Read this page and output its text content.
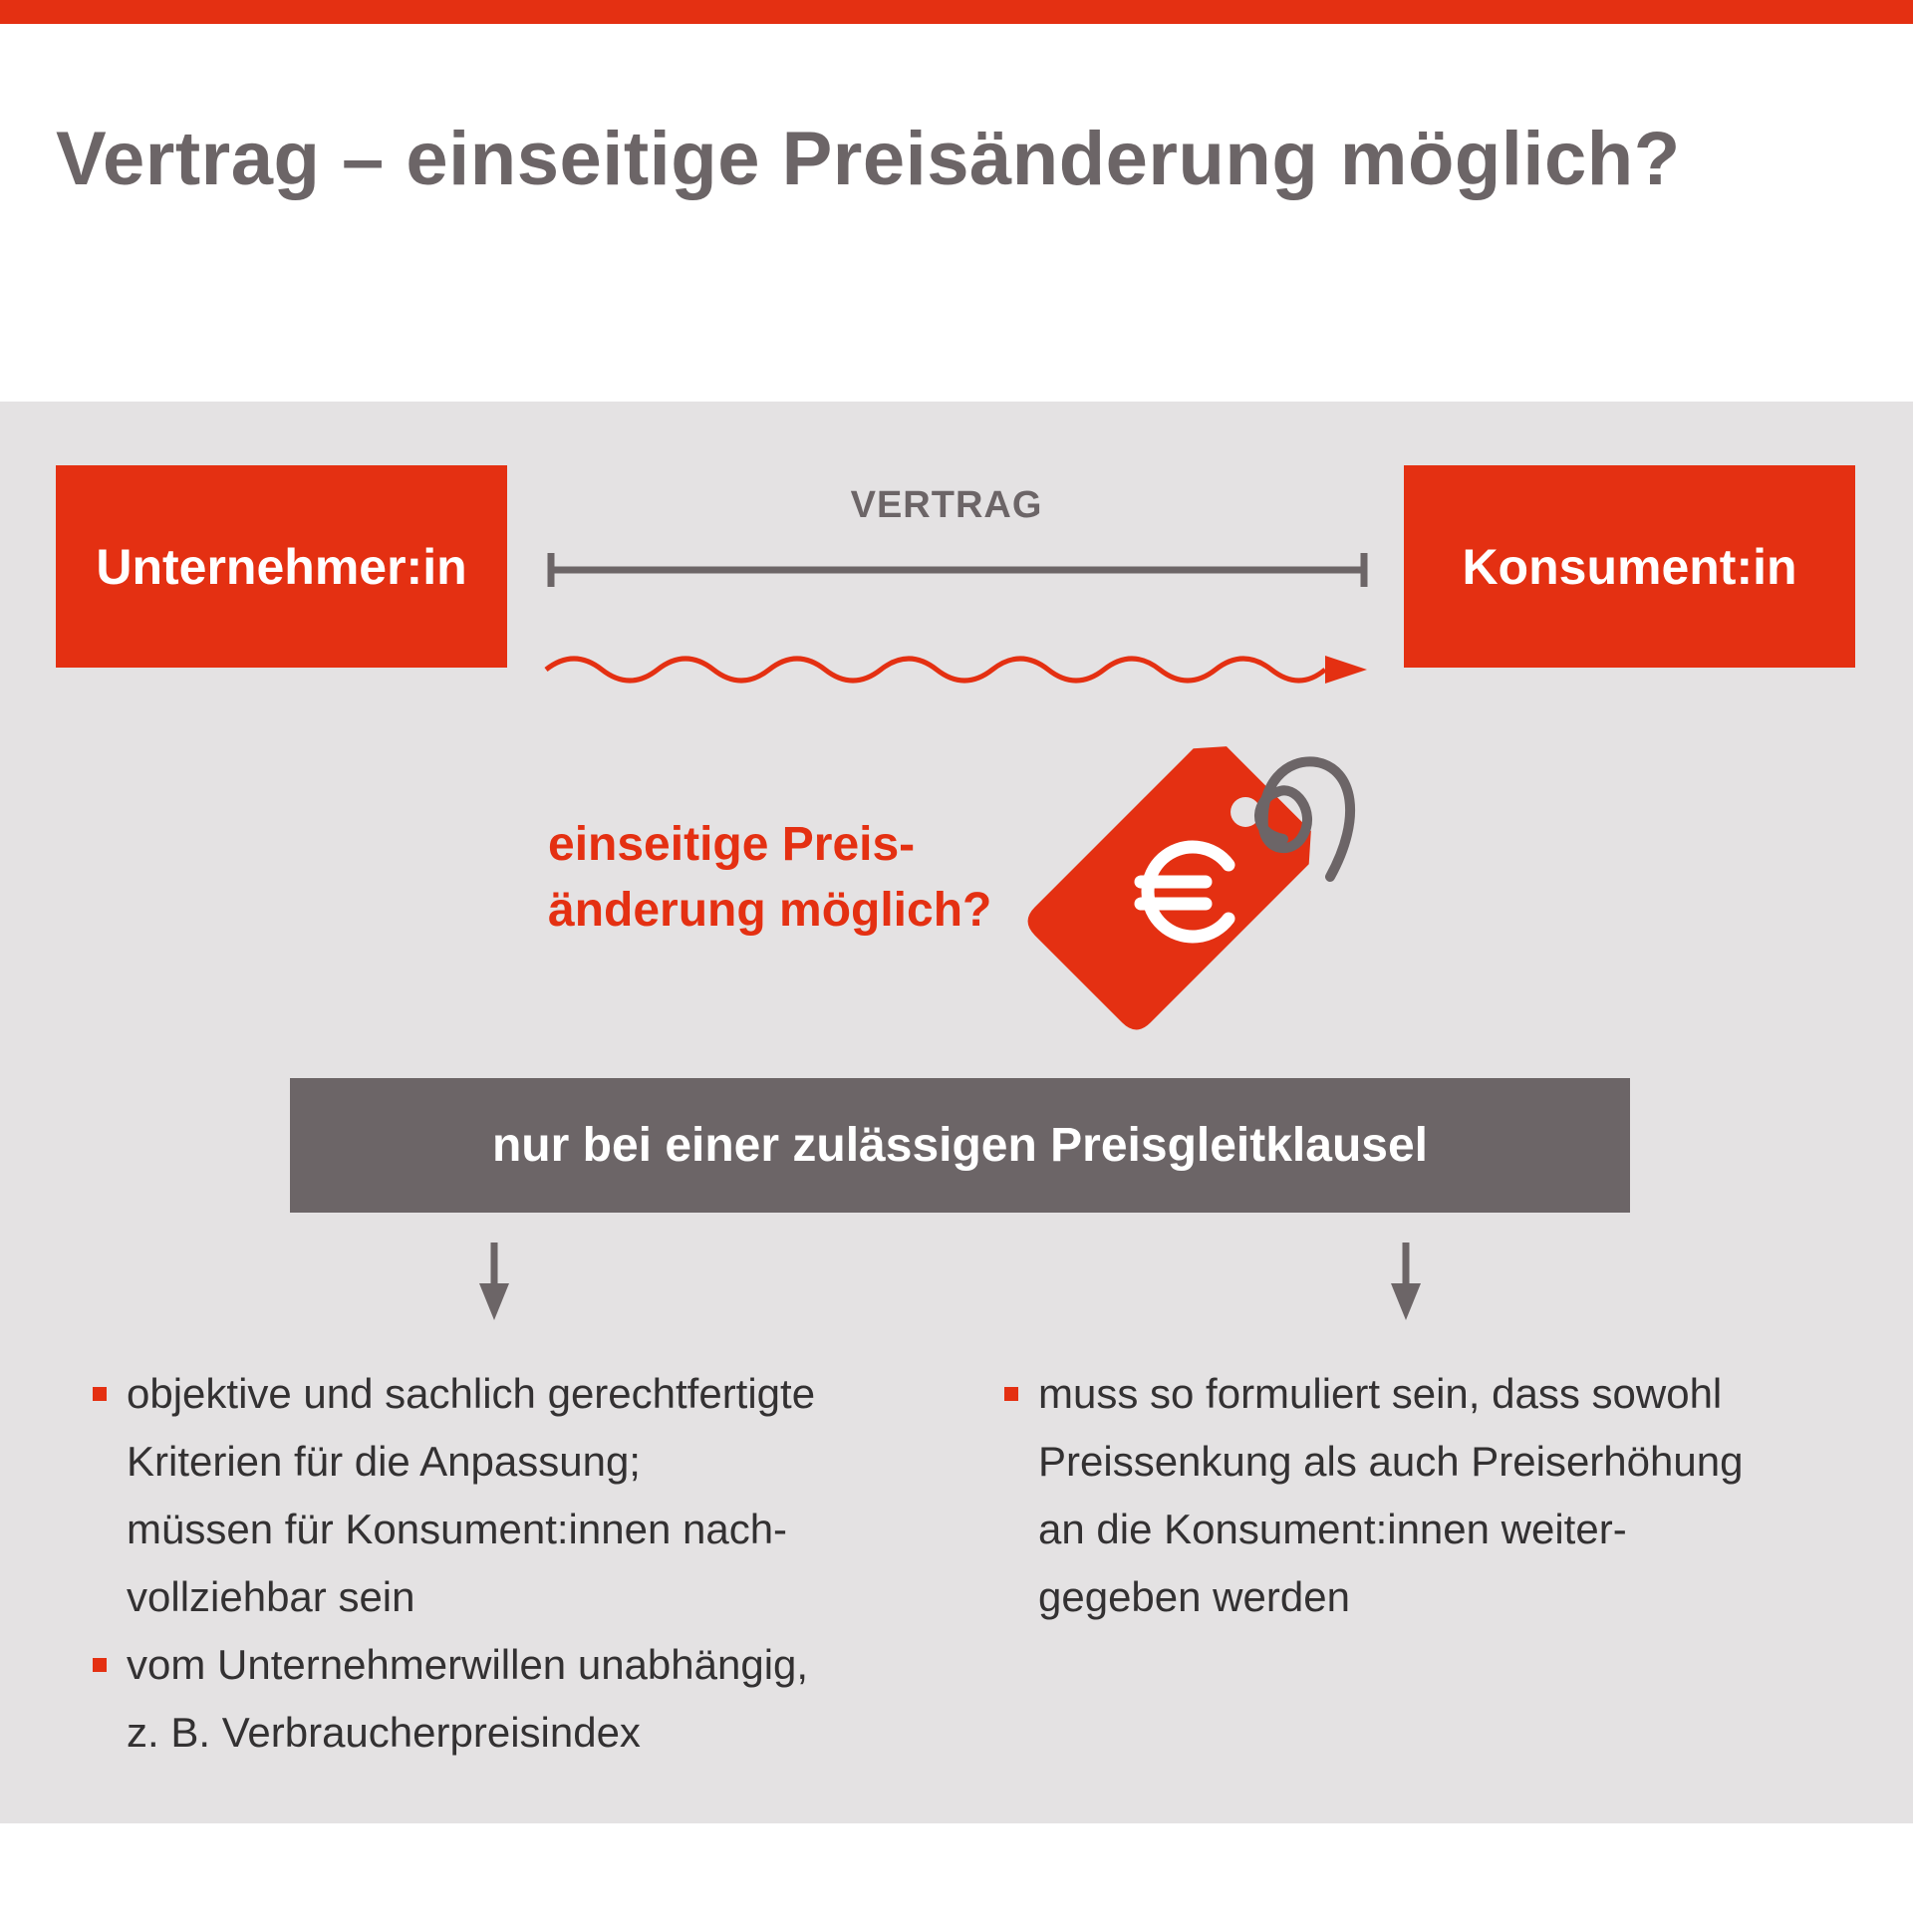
Vertrag – einseitige Preisänderung möglich?
Unternehmer:in	Konsument:in
VERTRAG

einseitige Preis-
änderung möglich?

nur bei einer zulässigen Preisgleitklausel
objektive und sachlich gerechtfertigte
Kriterien für die Anpassung;
müssen für Konsument:innen nach-
vollziehbar sein
vom Unternehmerwillen unabhängig,
z. B. Verbraucherpreisindex
muss so formuliert sein, dass sowohl
Preissenkung als auch Preiserhöhung
an die Konsument:innen weiter-
gegeben werden
